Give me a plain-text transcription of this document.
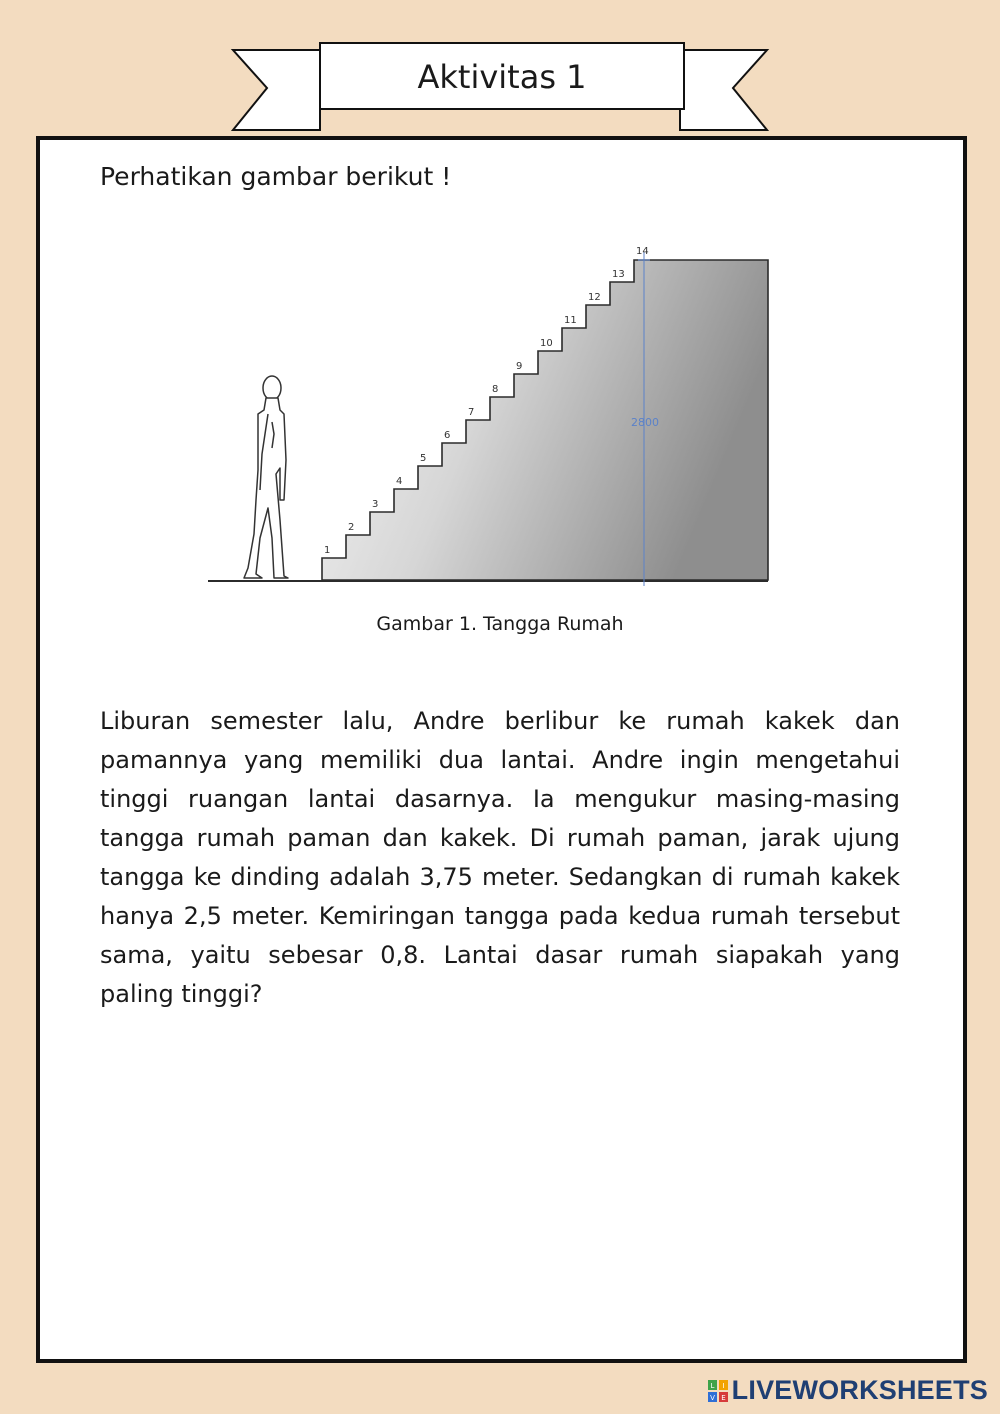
Aktivitas 1
Perhatikan gambar berikut !
2800
1
2
3
4
5
6
7
8
9
10
11
12
13
14
Gambar 1. Tangga Rumah
Liburan semester lalu, Andre berlibur ke rumah kakek dan pamannya yang memiliki dua lantai. Andre ingin mengetahui tinggi ruangan lantai dasarnya. Ia mengukur masing-masing tangga rumah paman dan kakek. Di rumah paman, jarak ujung tangga ke dinding adalah 3,75 meter. Sedangkan di rumah kakek hanya 2,5 meter. Kemiringan tangga pada kedua rumah tersebut sama, yaitu sebesar 0,8. Lantai dasar rumah siapakah yang paling tinggi?
L I
V E LIVEWORKSHEETS
